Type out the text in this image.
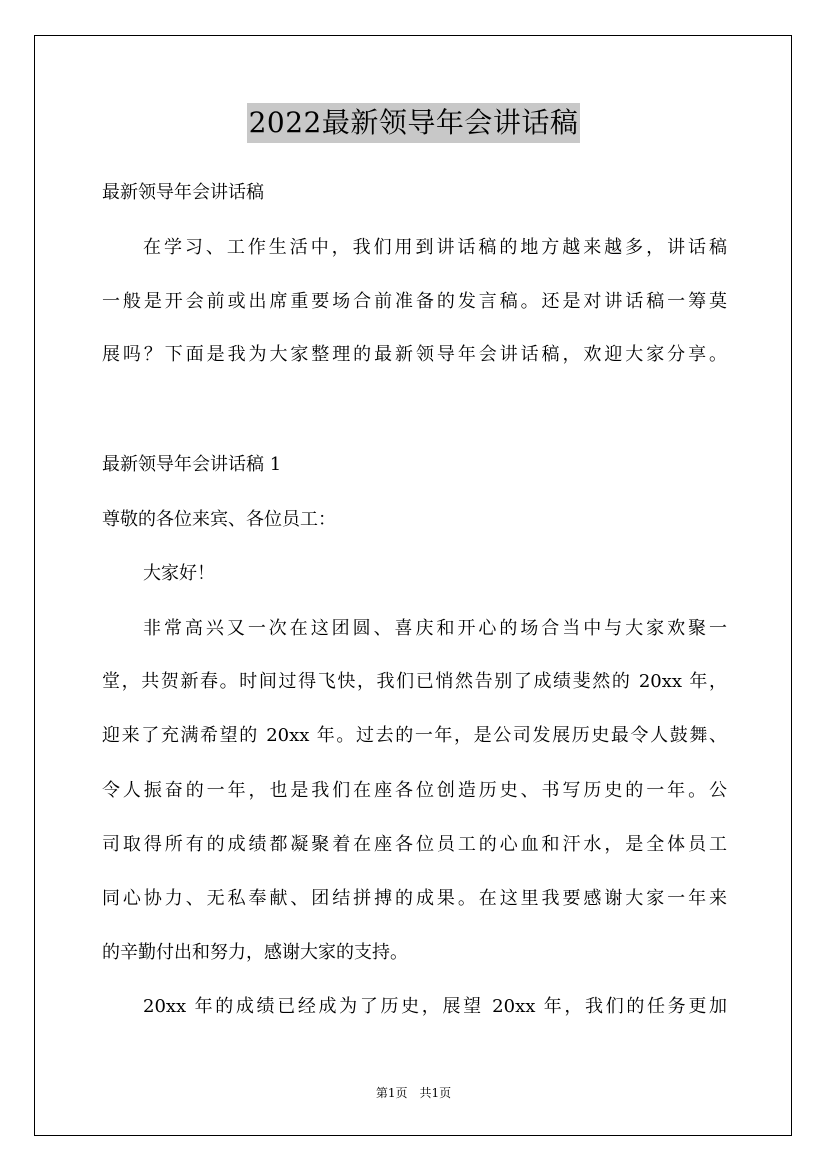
2022最新领导年会讲话稿
最新领导年会讲话稿
在学习、工作生活中，我们用到讲话稿的地方越来越多，讲话稿
一般是开会前或出席重要场合前准备的发言稿。还是对讲话稿一筹莫
展吗？下面是我为大家整理的最新领导年会讲话稿，欢迎大家分享。
最新领导年会讲话稿 1
尊敬的各位来宾、各位员工：
大家好！
非常高兴又一次在这团圆、喜庆和开心的场合当中与大家欢聚一
堂，共贺新春。时间过得飞快，我们已悄然告别了成绩斐然的 20xx 年，
迎来了充满希望的 20xx 年。过去的一年，是公司发展历史最令人鼓舞、
令人振奋的一年，也是我们在座各位创造历史、书写历史的一年。公
司取得所有的成绩都凝聚着在座各位员工的心血和汗水，是全体员工
同心协力、无私奉献、团结拼搏的成果。在这里我要感谢大家一年来
的辛勤付出和努力，感谢大家的支持。
20xx 年的成绩已经成为了历史，展望 20xx 年，我们的任务更加
第1页　共1页
